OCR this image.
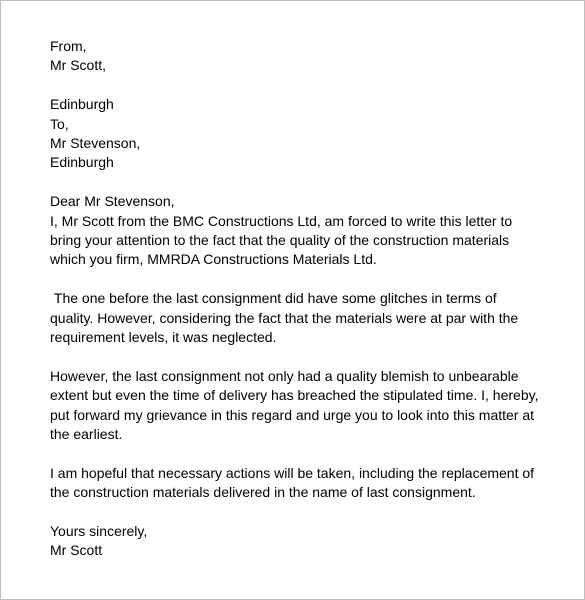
From,

Mr Scott,

Edinburgh

To,

Mr Stevenson,

Edinburgh

Dear Mr Stevenson,

I, Mr Scott from the BMC Constructions Ltd, am forced to write this letter to

bring your attention to the fact that the quality of the construction materials

which you firm, MMRDA Constructions Materials Ltd.

The one before the last consignment did have some glitches in terms of

quality. However, considering the fact that the materials were at par with the

requirement levels, it was neglected.

However, the last consignment not only had a quality blemish to unbearable

extent but even the time of delivery has breached the stipulated time. I, hereby,

put forward my grievance in this regard and urge you to look into this matter at

the earliest.

I am hopeful that necessary actions will be taken, including the replacement of

the construction materials delivered in the name of last consignment.

Yours sincerely,

Mr Scott
